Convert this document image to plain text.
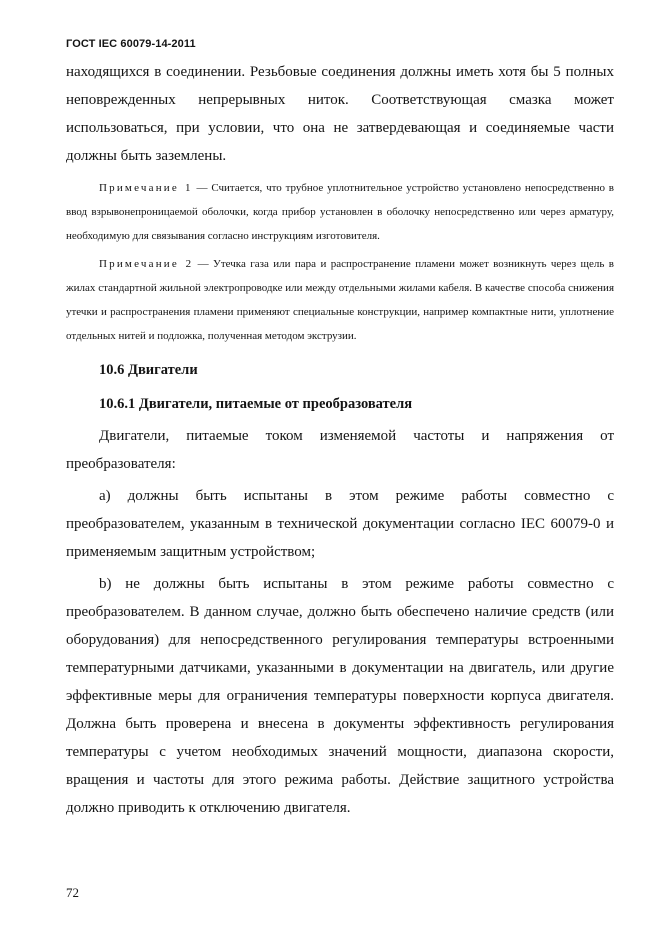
ГОСТ IEC 60079-14-2011

находящихся в соединении. Резьбовые соединения должны иметь хотя бы 5 полных неповрежденных непрерывных ниток. Соответствующая смазка может использоваться, при условии, что она не затвердевающая и соединяемые части должны быть заземлены.

Примечание 1 — Считается, что трубное уплотнительное устройство установлено непосредственно в ввод взрывонепроницаемой оболочки, когда прибор установлен в оболочку непосредственно или через арматуру, необходимую для связывания согласно инструкциям изготовителя.

Примечание 2 — Утечка газа или пара и распространение пламени может возникнуть через щель в жилах стандартной жильной электропроводке или между отдельными жилами кабеля. В качестве способа снижения утечки и распространения пламени применяют специальные конструкции, например компактные нити, уплотнение отдельных нитей и подложка, полученная методом экструзии.

10.6 Двигатели

10.6.1 Двигатели, питаемые от преобразователя

Двигатели, питаемые током изменяемой частоты и напряжения от преобразователя:

a) должны быть испытаны в этом режиме работы совместно с преобразователем, указанным в технической документации согласно IEC 60079-0 и применяемым защитным устройством;

b) не должны быть испытаны в этом режиме работы совместно с преобразователем. В данном случае, должно быть обеспечено наличие средств (или оборудования) для непосредственного регулирования температуры встроенными температурными датчиками, указанными в документации на двигатель, или другие эффективные меры для ограничения температуры поверхности корпуса двигателя. Должна быть проверена и внесена в документы эффективность регулирования температуры с учетом необходимых значений мощности, диапазона скорости, вращения и частоты для этого режима работы. Действие защитного устройства должно приводить к отключению двигателя.

72
